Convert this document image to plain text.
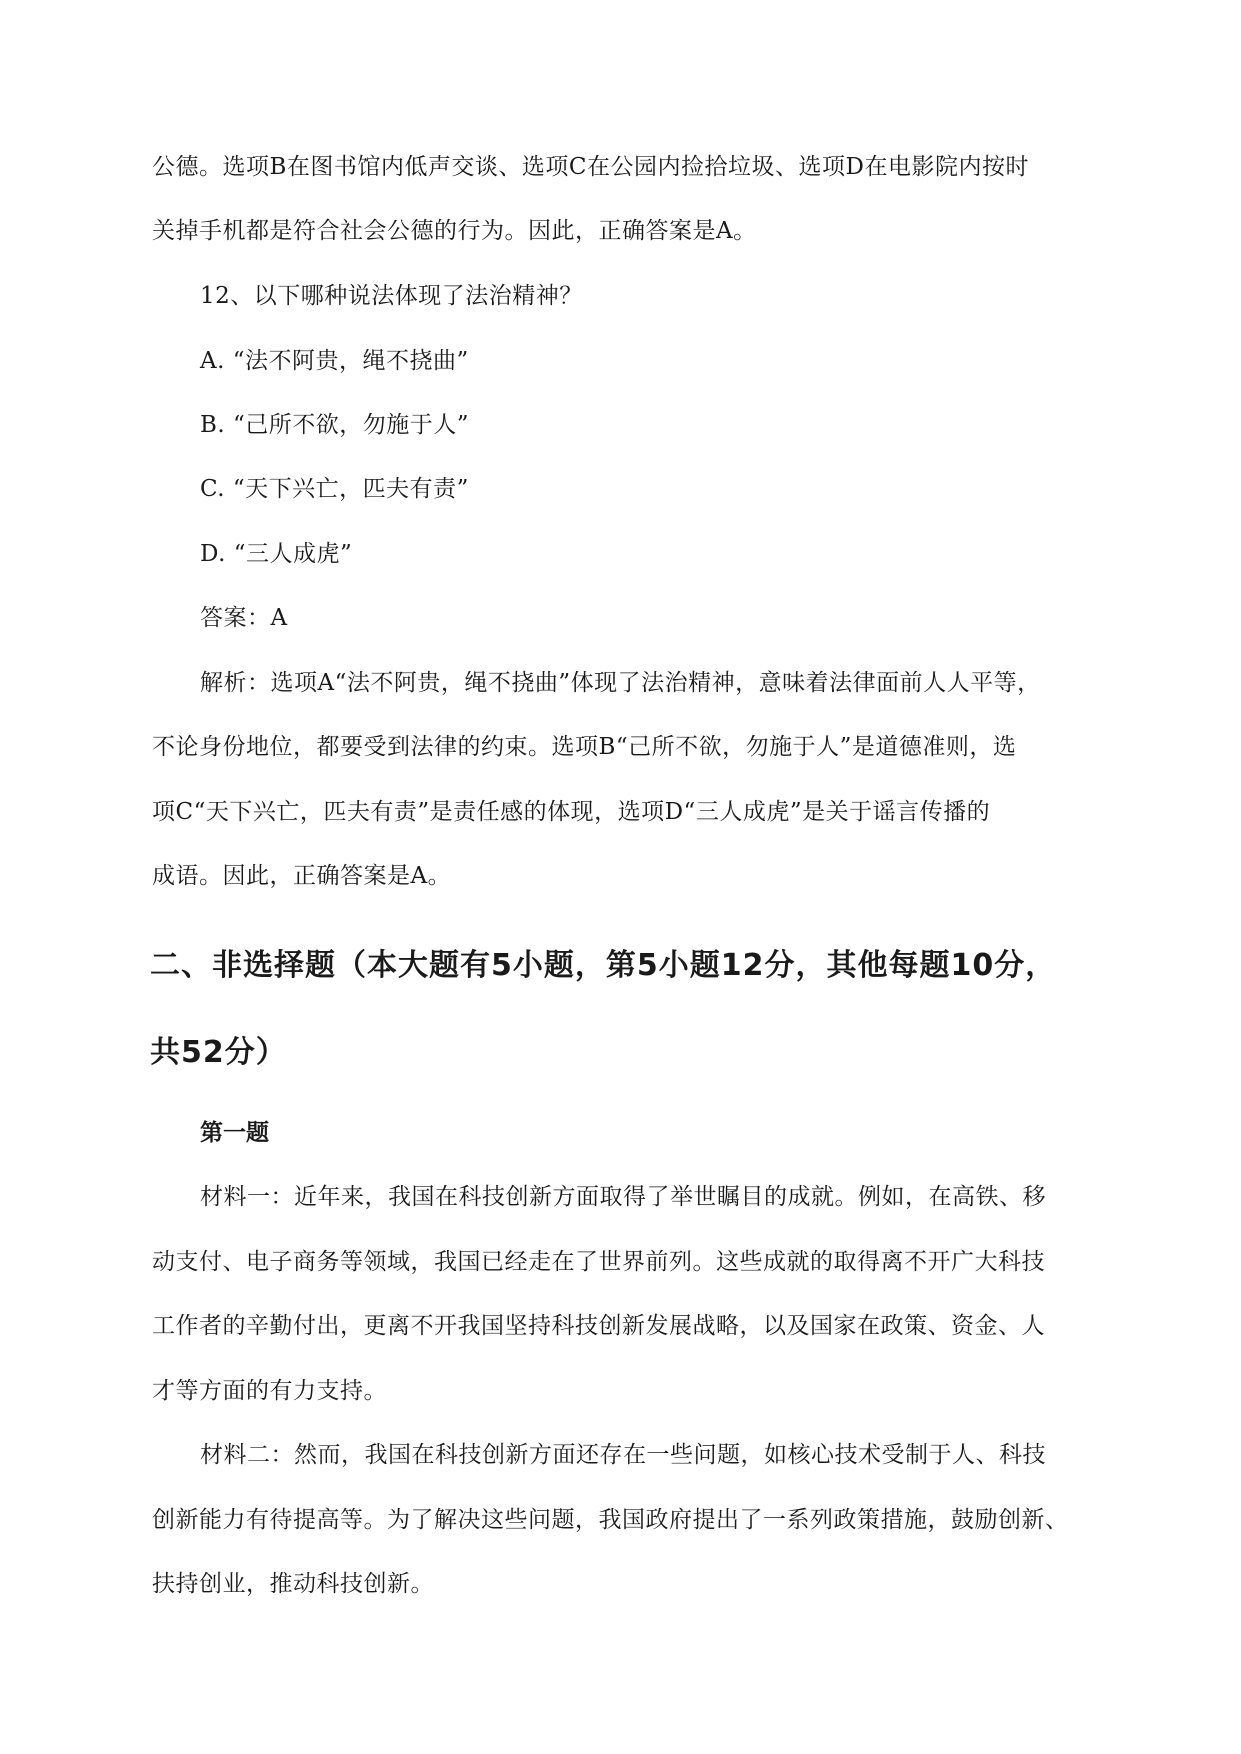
公德。选项B在图书馆内低声交谈、选项C在公园内捡拾垃圾、选项D在电影院内按时
关掉手机都是符合社会公德的行为。因此，正确答案是A。
12、以下哪种说法体现了法治精神？
A. “法不阿贵，绳不挠曲”
B. “己所不欲，勿施于人”
C. “天下兴亡，匹夫有责”
D. “三人成虎”
答案：A
解析：选项A“法不阿贵，绳不挠曲”体现了法治精神，意味着法律面前人人平等，
不论身份地位，都要受到法律的约束。选项B“己所不欲，勿施于人”是道德准则，选
项C“天下兴亡，匹夫有责”是责任感的体现，选项D“三人成虎”是关于谣言传播的
成语。因此，正确答案是A。
二、非选择题（本大题有5小题，第5小题12分，其他每题10分，
共52分）
第一题
材料一：近年来，我国在科技创新方面取得了举世瞩目的成就。例如，在高铁、移
动支付、电子商务等领域，我国已经走在了世界前列。这些成就的取得离不开广大科技
工作者的辛勤付出，更离不开我国坚持科技创新发展战略，以及国家在政策、资金、人
才等方面的有力支持。
材料二：然而，我国在科技创新方面还存在一些问题，如核心技术受制于人、科技
创新能力有待提高等。为了解决这些问题，我国政府提出了一系列政策措施，鼓励创新、
扶持创业，推动科技创新。
